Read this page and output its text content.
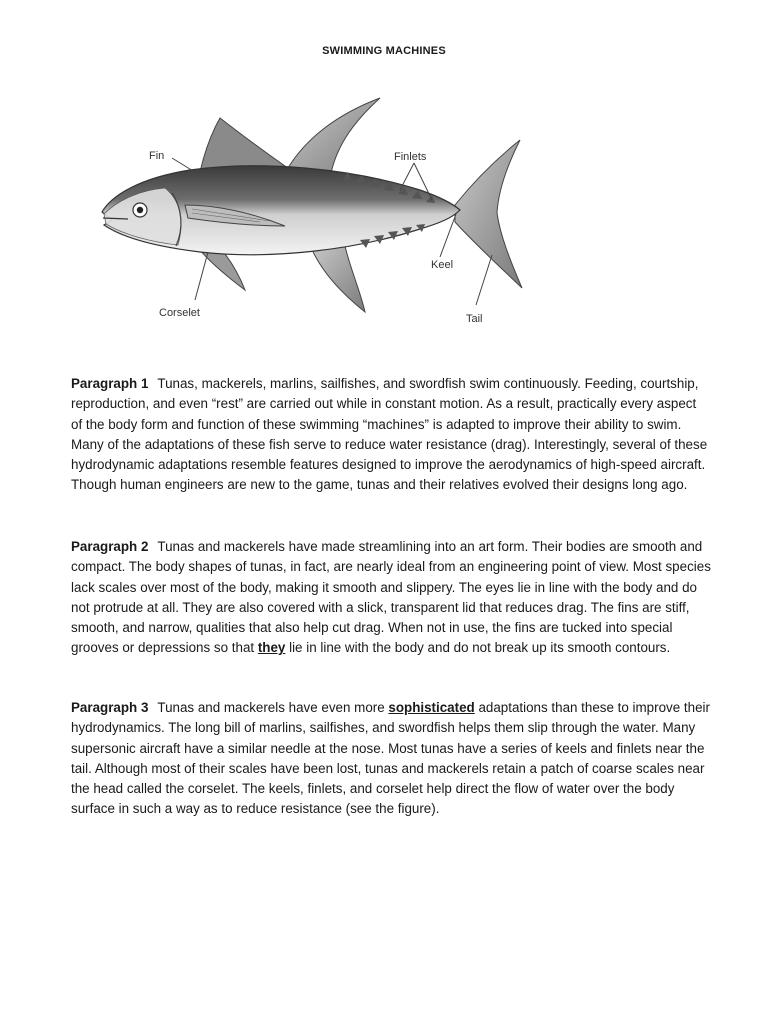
SWIMMING MACHINES
Fin	Finlets
Keel
Corselet	Tail

Paragraph 1 Tunas, mackerels, marlins, sailfishes, and swordfish swim continuously. Feeding, courtship, reproduction, and even “rest” are carried out while in constant motion. As a result, practically every aspect of the body form and function of these swimming “machines” is adapted to improve their ability to swim. Many of the adaptations of these fish serve to reduce water resistance (drag). Interestingly, several of these hydrodynamic adaptations resemble features designed to improve the aerodynamics of high-speed aircraft. Though human engineers are new to the game, tunas and their relatives evolved their designs long ago.

Paragraph 2 Tunas and mackerels have made streamlining into an art form. Their bodies are smooth and compact. The body shapes of tunas, in fact, are nearly ideal from an engineering point of view. Most species lack scales over most of the body, making it smooth and slippery. The eyes lie in line with the body and do not protrude at all. They are also covered with a slick, transparent lid that reduces drag. The fins are stiff, smooth, and narrow, qualities that also help cut drag. When not in use, the fins are tucked into special grooves or depressions so that they lie in line with the body and do not break up its smooth contours.

Paragraph 3 Tunas and mackerels have even more sophisticated adaptations than these to improve their hydrodynamics. The long bill of marlins, sailfishes, and swordfish helps them slip through the water. Many supersonic aircraft have a similar needle at the nose. Most tunas have a series of keels and finlets near the tail. Although most of their scales have been lost, tunas and mackerels retain a patch of coarse scales near the head called the corselet. The keels, finlets, and corselet help direct the flow of water over the body surface in such a way as to reduce resistance (see the figure).
